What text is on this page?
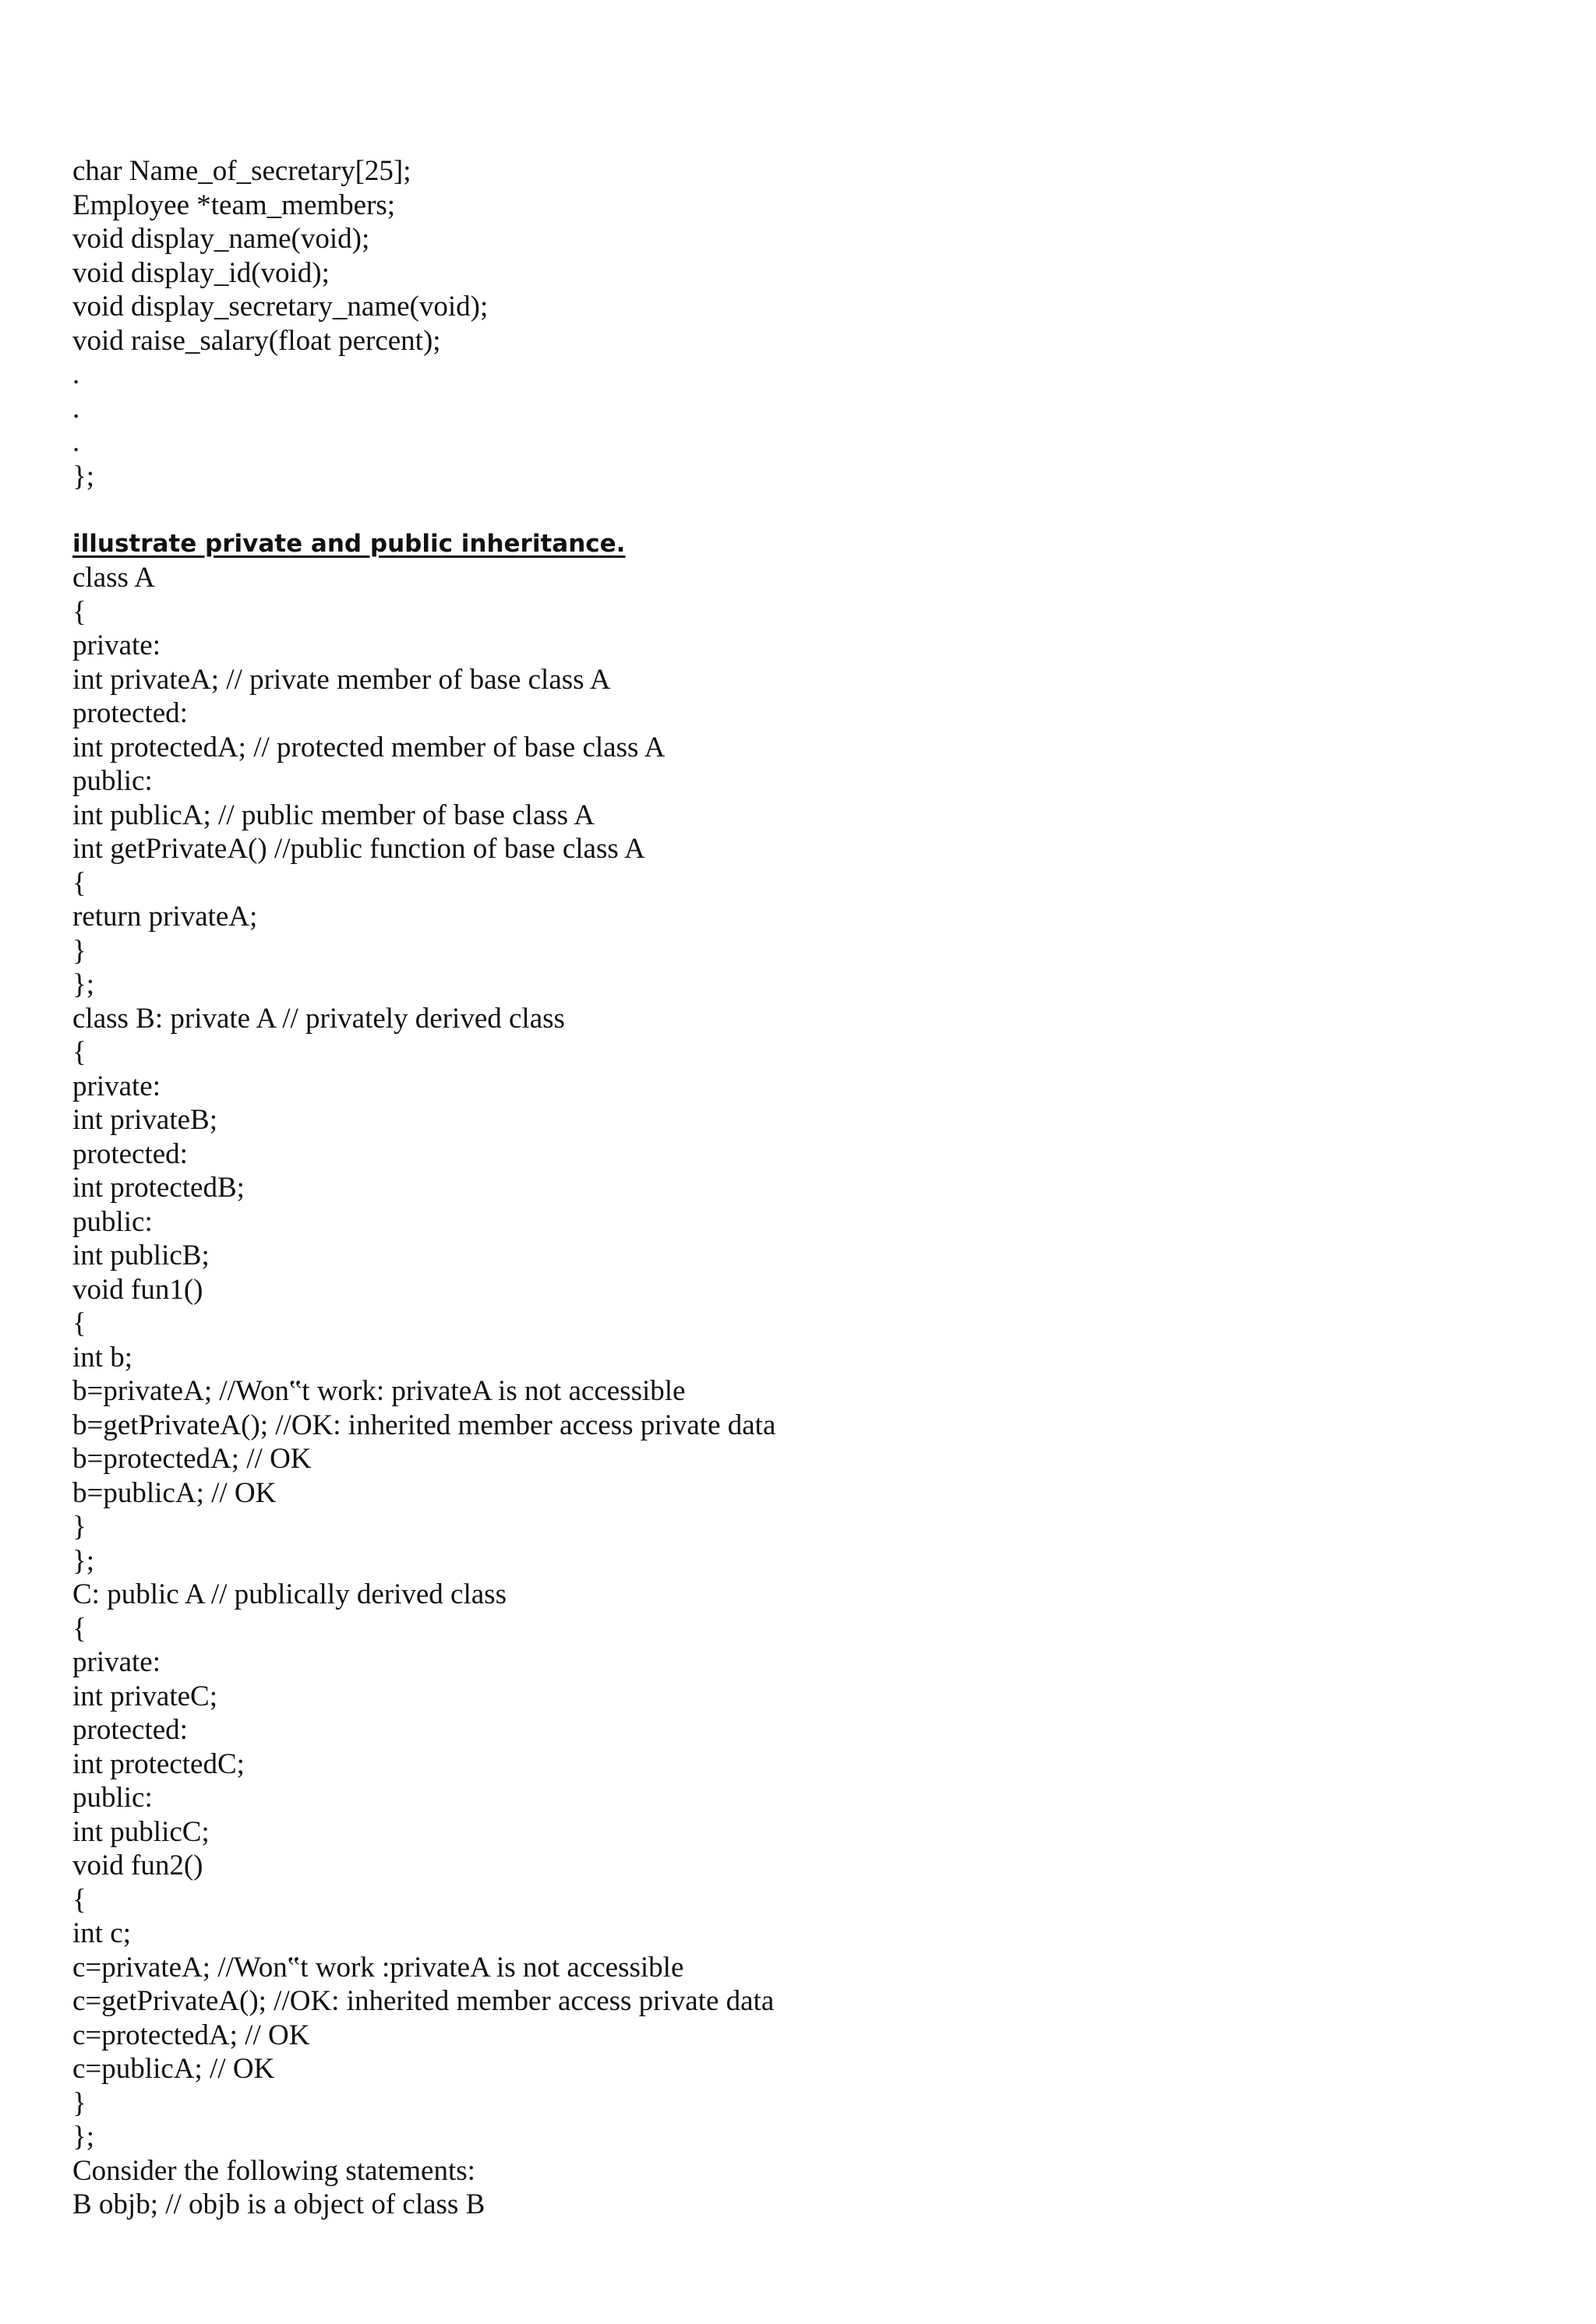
char Name_of_secretary[25];
Employee *team_members;
void display_name(void);
void display_id(void);
void display_secretary_name(void);
void raise_salary(float percent);
.
.
.
};
illustrate private and public inheritance.
class A
{
private:
int privateA; // private member of base class A
protected:
int protectedA; // protected member of base class A
public:
int publicA; // public member of base class A
int getPrivateA() //public function of base class A
{
return privateA;
}
};
class B: private A // privately derived class
{
private:
int privateB;
protected:
int protectedB;
public:
int publicB;
void fun1()
{
int b;
b=privateA; //Won‟t work: privateA is not accessible
b=getPrivateA(); //OK: inherited member access private data
b=protectedA; // OK
b=publicA; // OK
}
};
C: public A // publically derived class
{
private:
int privateC;
protected:
int protectedC;
public:
int publicC;
void fun2()
{
int c;
c=privateA; //Won‟t work :privateA is not accessible
c=getPrivateA(); //OK: inherited member access private data
c=protectedA; // OK
c=publicA; // OK
}
};
Consider the following statements:
B objb; // objb is a object of class B
